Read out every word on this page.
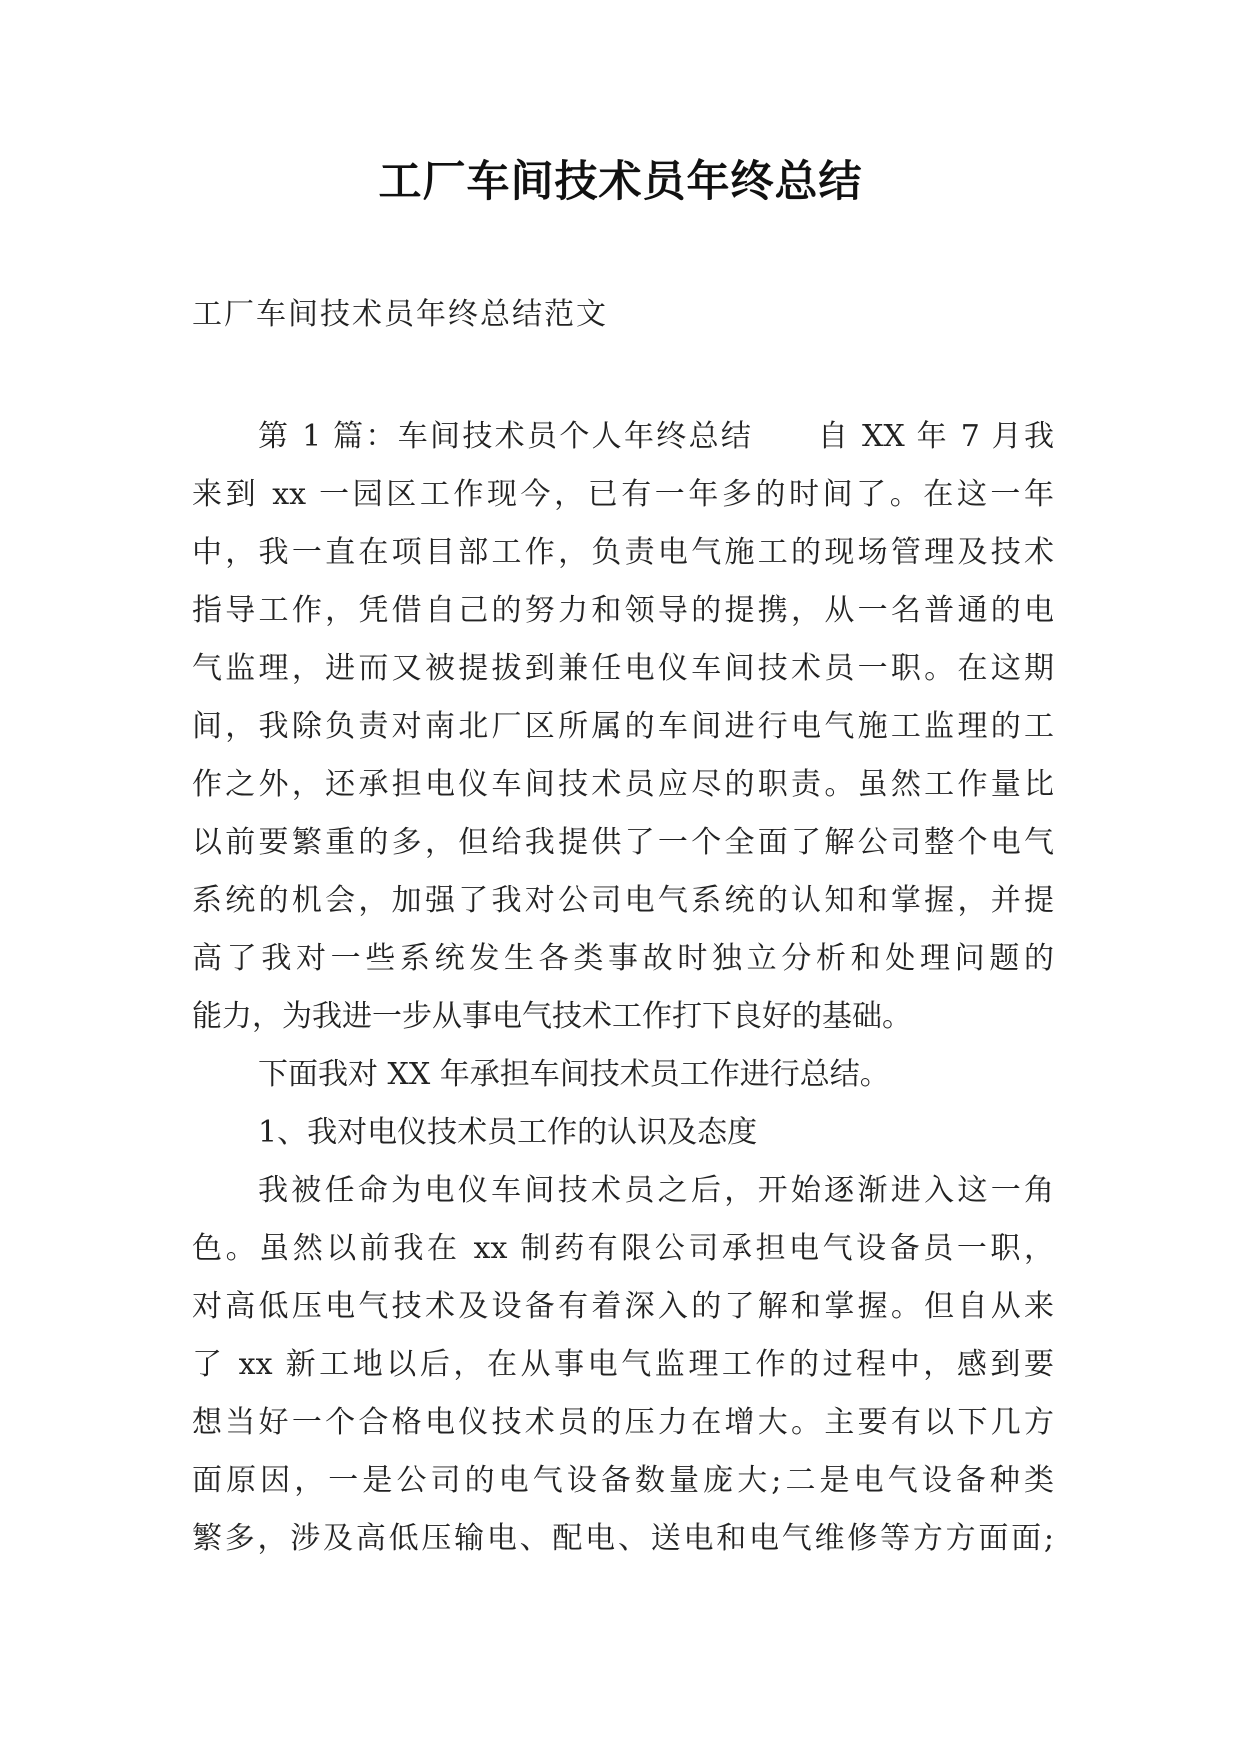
工厂车间技术员年终总结
工厂车间技术员年终总结范文
第 1 篇：车间技术员个人年终总结　　自 XX 年 7 月我
来到 xx 一园区工作现今，已有一年多的时间了。在这一年
中，我一直在项目部工作，负责电气施工的现场管理及技术
指导工作，凭借自己的努力和领导的提携，从一名普通的电
气监理，进而又被提拔到兼任电仪车间技术员一职。在这期
间，我除负责对南北厂区所属的车间进行电气施工监理的工
作之外，还承担电仪车间技术员应尽的职责。虽然工作量比
以前要繁重的多，但给我提供了一个全面了解公司整个电气
系统的机会，加强了我对公司电气系统的认知和掌握，并提
高了我对一些系统发生各类事故时独立分析和处理问题的
能力，为我进一步从事电气技术工作打下良好的基础。
下面我对 XX 年承担车间技术员工作进行总结。
1、我对电仪技术员工作的认识及态度
我被任命为电仪车间技术员之后，开始逐渐进入这一角
色。虽然以前我在 xx 制药有限公司承担电气设备员一职，
对高低压电气技术及设备有着深入的了解和掌握。但自从来
了 xx 新工地以后，在从事电气监理工作的过程中，感到要
想当好一个合格电仪技术员的压力在增大。主要有以下几方
面原因，一是公司的电气设备数量庞大;二是电气设备种类
繁多，涉及高低压输电、配电、送电和电气维修等方方面面;
